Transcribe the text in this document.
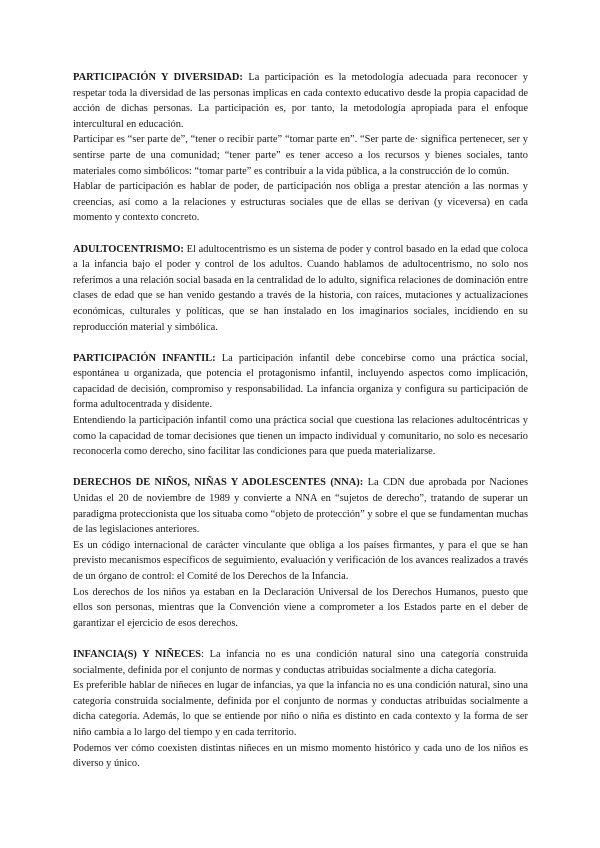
PARTICIPACIÓN Y DIVERSIDAD: La participación es la metodología adecuada para reconocer y respetar toda la diversidad de las personas implicas en cada contexto educativo desde la propia capacidad de acción de dichas personas. La participación es, por tanto, la metodología apropiada para el enfoque intercultural en educación.

Participar es “ser parte de”, “tener o recibir parte” “tomar parte en”. “Ser parte de· significa pertenecer, ser y sentirse parte de una comunidad; “tener parte” es tener acceso a los recursos y bienes sociales, tanto materiales como simbólicos: “tomar parte” es contribuir a la vida pública, a la construcción de lo común.

Hablar de participación es hablar de poder, de participación nos obliga a prestar atención a las normas y creencias, así como a la relaciones y estructuras sociales que de ellas se derivan (y viceversa) en cada momento y contexto concreto.

ADULTOCENTRISMO: El adultocentrismo es un sistema de poder y control basado en la edad que coloca a la infancia bajo el poder y control de los adultos. Cuando hablamos de adultocentrismo, no solo nos referimos a una relación social basada en la centralidad de lo adulto, significa relaciones de dominación entre clases de edad que se han venido gestando a través de la historia, con raíces, mutaciones y actualizaciones económicas, culturales y políticas, que se han instalado en los imaginarios sociales, incidiendo en su reproducción material y simbólica.

PARTICIPACIÓN INFANTIL: La participación infantil debe concebirse como una práctica social, espontánea u organizada, que potencia el protagonismo infantil, incluyendo aspectos como implicación, capacidad de decisión, compromiso y responsabilidad. La infancia organiza y configura su participación de forma adultocentrada y disidente.

Entendiendo la participación infantil como una práctica social que cuestiona las relaciones adultocéntricas y como la capacidad de tomar decisiones que tienen un impacto individual y comunitario, no solo es necesario reconocerla como derecho, sino facilitar las condiciones para que pueda materializarse.

DERECHOS DE NIÑOS, NIÑAS Y ADOLESCENTES (NNA): La CDN due aprobada por Naciones Unidas el 20 de noviembre de 1989 y convierte a NNA en “sujetos de derecho”, tratando de superar un paradigma proteccionista que los situaba como “objeto de protección” y sobre el que se fundamentan muchas de las legislaciones anteriores.

Es un código internacional de carácter vinculante que obliga a los países firmantes, y para el que se han previsto mecanismos específicos de seguimiento, evaluación y verificación de los avances realizados a través de un órgano de control: el Comité de los Derechos de la Infancia.

Los derechos de los niños ya estaban en la Declaración Universal de los Derechos Humanos, puesto que ellos son personas, mientras que la Convención viene a comprometer a los Estados parte en el deber de garantizar el ejercicio de esos derechos.

INFANCIA(S) Y NIÑECES: La infancia no es una condición natural sino una categoría construida socialmente, definida por el conjunto de normas y conductas atribuidas socialmente a dicha categoría.

Es preferible hablar de niñeces en lugar de infancias, ya que la infancia no es una condición natural, sino una categoría construida socialmente, definida por el conjunto de normas y conductas atribuidas socialmente a dicha categoría. Además, lo que se entiende por niño o niña es distinto en cada contexto y la forma de ser niño cambia a lo largo del tiempo y en cada territorio.

Podemos ver cómo coexisten distintas niñeces en un mismo momento histórico y cada uno de los niños es diverso y único.
